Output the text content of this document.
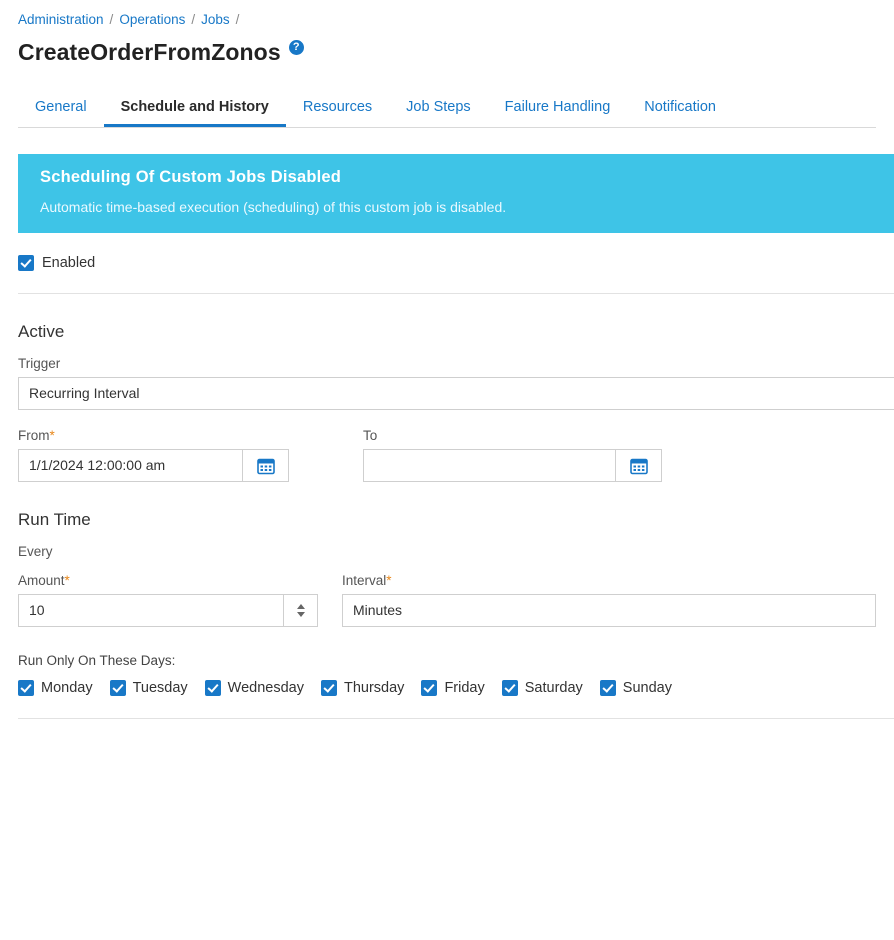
Administration / Operations / Jobs /
CreateOrderFromZonos	?
General	Schedule and History	Resources	Job Steps	Failure Handling	Notification
Scheduling Of Custom Jobs Disabled
Automatic time-based execution (scheduling) of this custom job is disabled.
Enabled
Active
Trigger
Recurring Interval
From*
1/1/2024 12:00:00 am
To
Run Time
Every
Amount*
10
Interval*
Minutes
Run Only On These Days:
Monday	Tuesday	Wednesday	Thursday	Friday	Saturday	Sunday
